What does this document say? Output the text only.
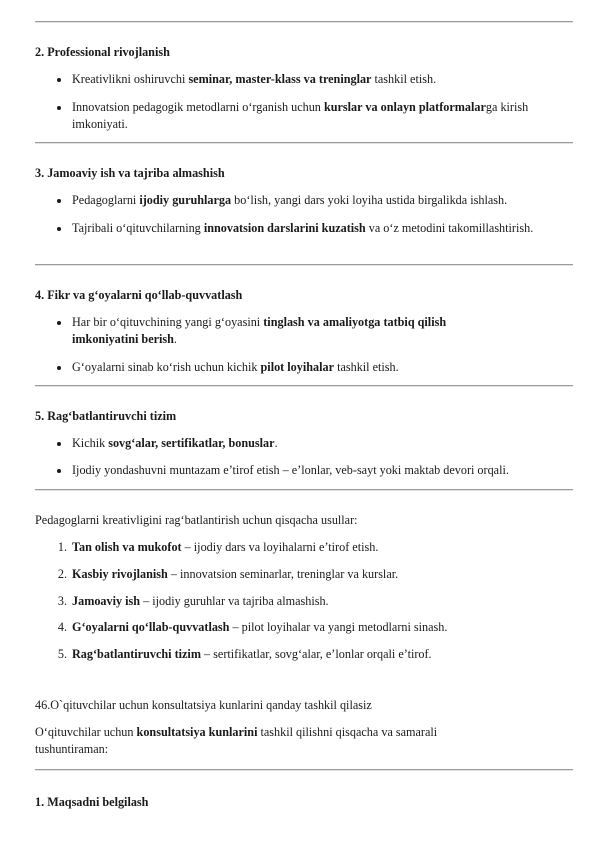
2. Professional rivojlanish
Kreativlikni oshiruvchi seminar, master-klass va treninglar tashkil etish.
Innovatsion pedagogik metodlarni o‘rganish uchun kurslar va onlayn platformalarga kirish imkoniyati.
3. Jamoaviy ish va tajriba almashish
Pedagoglarni ijodiy guruhlarga bo‘lish, yangi dars yoki loyiha ustida birgalikda ishlash.
Tajribali o‘qituvchilarning innovatsion darslarini kuzatish va o‘z metodini takomillashtirish.
4. Fikr va g‘oyalarni qo‘llab-quvvatlash
Har bir o‘qituvchining yangi g‘oyasini tinglash va amaliyotga tatbiq qilish imkoniyatini berish.
G‘oyalarni sinab ko‘rish uchun kichik pilot loyihalar tashkil etish.
5. Rag‘batlantiruvchi tizim
Kichik sovg‘alar, sertifikatlar, bonuslar.
Ijodiy yondashuvni muntazam e’tirof etish – e’lonlar, veb-sayt yoki maktab devori orqali.
Pedagoglarni kreativligini rag‘batlantirish uchun qisqacha usullar:
1. Tan olish va mukofot – ijodiy dars va loyihalarni e’tirof etish.
2. Kasbiy rivojlanish – innovatsion seminarlar, treninglar va kurslar.
3. Jamoaviy ish – ijodiy guruhlar va tajriba almashish.
4. G‘oyalarni qo‘llab-quvvatlash – pilot loyihalar va yangi metodlarni sinash.
5. Rag‘batlantiruvchi tizim – sertifikatlar, sovg‘alar, e’lonlar orqali e’tirof.
46.O`qituvchilar uchun konsultatsiya kunlarini qanday tashkil qilasiz
O‘qituvchilar uchun konsultatsiya kunlarini tashkil qilishni qisqacha va samarali
tushuntiraman:
1. Maqsadni belgilash
